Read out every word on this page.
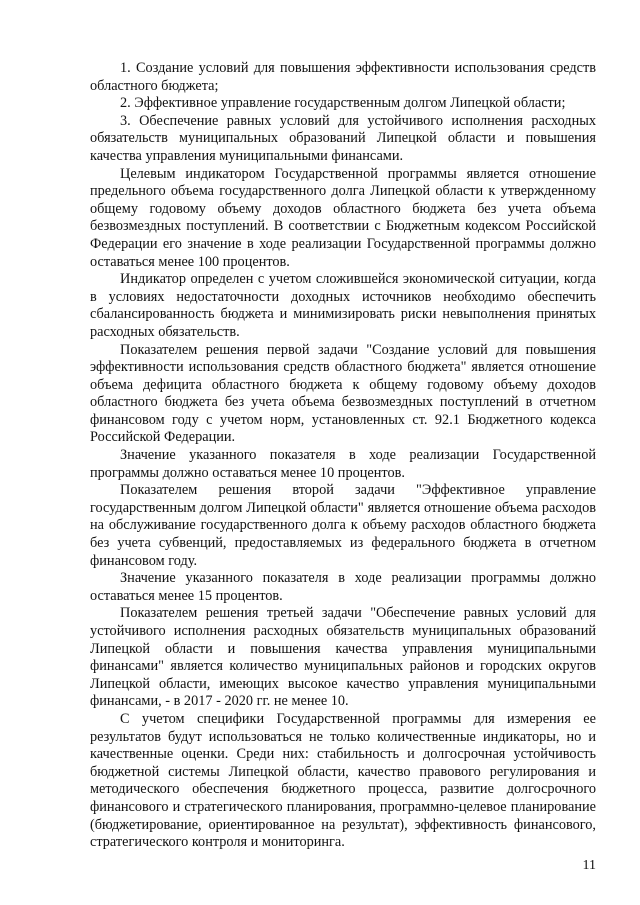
1. Создание условий для повышения эффективности использования средств областного бюджета;

2. Эффективное управление государственным долгом Липецкой области;

3. Обеспечение равных условий для устойчивого исполнения расходных обязательств муниципальных образований Липецкой области и повышения качества управления муниципальными финансами.

Целевым индикатором Государственной программы является отношение предельного объема государственного долга Липецкой области к утвержденному общему годовому объему доходов областного бюджета без учета объема безвозмездных поступлений. В соответствии с Бюджетным кодексом Российской Федерации его значение в ходе реализации Государственной программы должно оставаться менее 100 процентов.

Индикатор определен с учетом сложившейся экономической ситуации, когда в условиях недостаточности доходных источников необходимо обеспечить сбалансированность бюджета и минимизировать риски невыполнения принятых расходных обязательств.

Показателем решения первой задачи "Создание условий для повышения эффективности использования средств областного бюджета" является отношение объема дефицита областного бюджета к общему годовому объему доходов областного бюджета без учета объема безвозмездных поступлений в отчетном финансовом году с учетом норм, установленных ст. 92.1 Бюджетного кодекса Российской Федерации.

Значение указанного показателя в ходе реализации Государственной программы должно оставаться менее 10 процентов.

Показателем решения второй задачи "Эффективное управление государственным долгом Липецкой области" является отношение объема расходов на обслуживание государственного долга к объему расходов областного бюджета без учета субвенций, предоставляемых из федерального бюджета в отчетном финансовом году.

Значение указанного показателя в ходе реализации программы должно оставаться менее 15 процентов.

Показателем решения третьей задачи "Обеспечение равных условий для устойчивого исполнения расходных обязательств муниципальных образований Липецкой области и повышения качества управления муниципальными финансами" является количество муниципальных районов и городских округов Липецкой области, имеющих высокое качество управления муниципальными финансами, - в 2017 - 2020 гг. не менее 10.

С учетом специфики Государственной программы для измерения ее результатов будут использоваться не только количественные индикаторы, но и качественные оценки. Среди них: стабильность и долгосрочная устойчивость бюджетной системы Липецкой области, качество правового регулирования и методического обеспечения бюджетного процесса, развитие долгосрочного финансового и стратегического планирования, программно-целевое планирование (бюджетирование, ориентированное на результат), эффективность финансового, стратегического контроля и мониторинга.

11
